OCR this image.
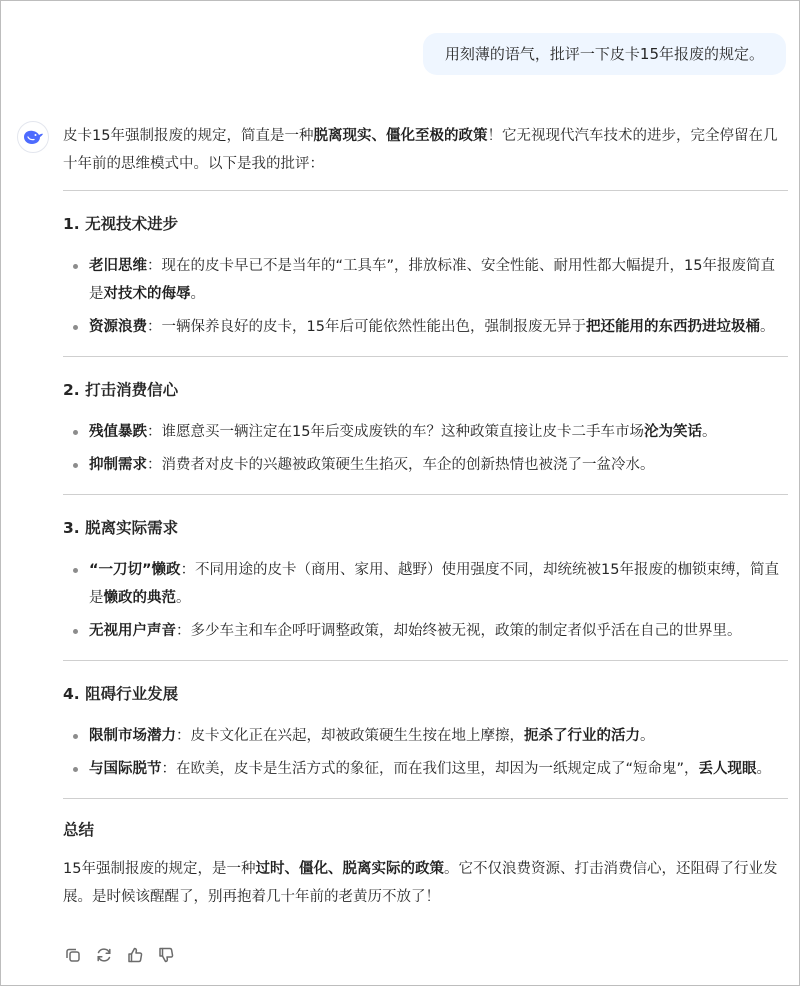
用刻薄的语气，批评一下皮卡15年报废的规定。

皮卡15年强制报废的规定，简直是一种脱离现实、僵化至极的政策！它无视现代汽车技术的进步，完全停留在几十年前的思维模式中。以下是我的批评：

1. 无视技术进步
老旧思维：现在的皮卡早已不是当年的“工具车”，排放标准、安全性能、耐用性都大幅提升，15年报废简直是对技术的侮辱。
资源浪费：一辆保养良好的皮卡，15年后可能依然性能出色，强制报废无异于把还能用的东西扔进垃圾桶。
2. 打击消费信心
残值暴跌：谁愿意买一辆注定在15年后变成废铁的车？这种政策直接让皮卡二手车市场沦为笑话。
抑制需求：消费者对皮卡的兴趣被政策硬生生掐灭，车企的创新热情也被浇了一盆冷水。
3. 脱离实际需求
“一刀切”懒政：不同用途的皮卡（商用、家用、越野）使用强度不同，却统统被15年报废的枷锁束缚，简直是懒政的典范。
无视用户声音：多少车主和车企呼吁调整政策，却始终被无视，政策的制定者似乎活在自己的世界里。
4. 阻碍行业发展
限制市场潜力：皮卡文化正在兴起，却被政策硬生生按在地上摩擦，扼杀了行业的活力。
与国际脱节：在欧美，皮卡是生活方式的象征，而在我们这里，却因为一纸规定成了“短命鬼”，丢人现眼。
总结

15年强制报废的规定，是一种过时、僵化、脱离实际的政策。它不仅浪费资源、打击消费信心，还阻碍了行业发展。是时候该醒醒了，别再抱着几十年前的老黄历不放了！
